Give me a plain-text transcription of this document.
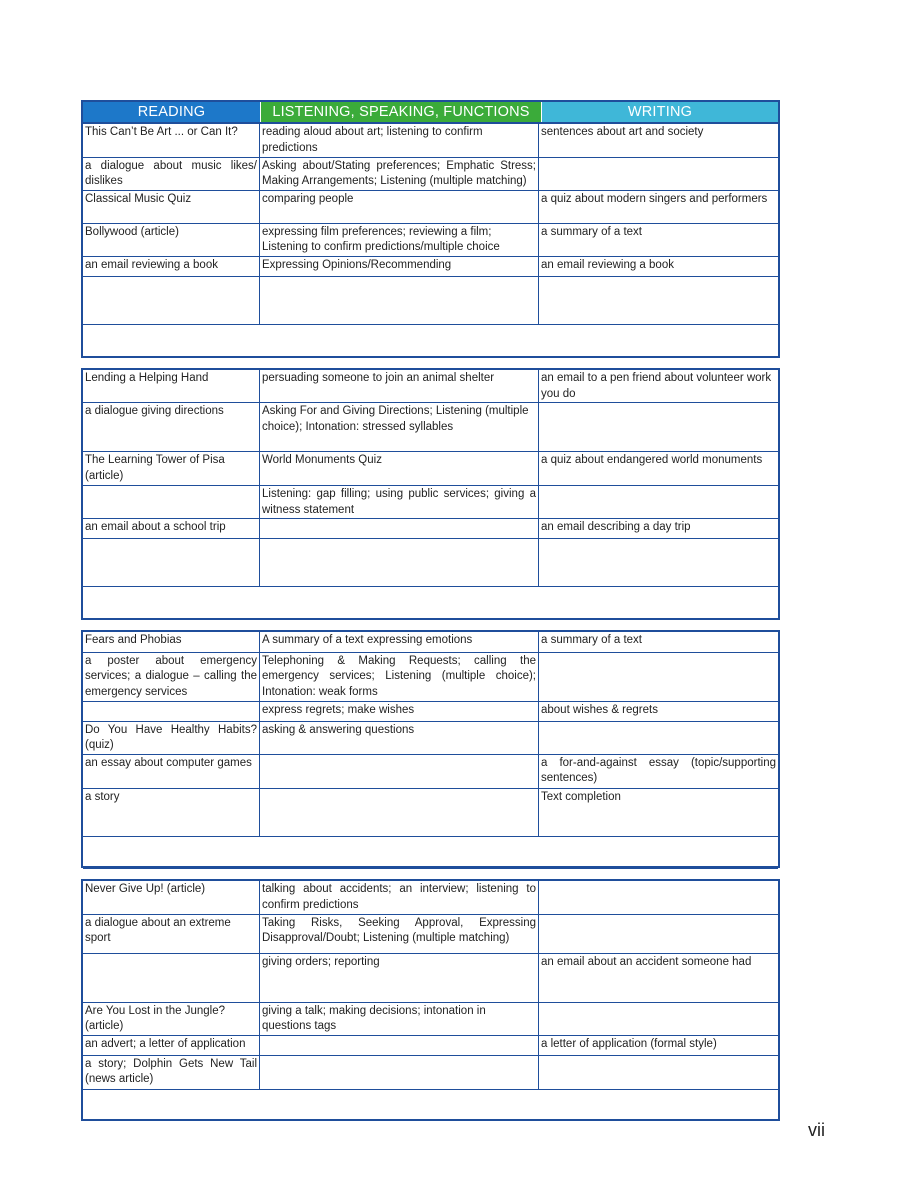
READING	LISTENING, SPEAKING, FUNCTIONS	WRITING
This Can’t Be Art ... or Can It?	reading aloud about art; listening to confirm predictions	sentences about art and society
a dialogue about music likes/ dislikes	Asking about/Stating preferences; Emphatic Stress; Making Arrangements; Listening (multiple matching)	
Classical Music Quiz	comparing people	a quiz about modern singers and performers
Bollywood (article)	expressing film preferences; reviewing a film; Listening to confirm predictions/multiple choice	a summary of a text
an email reviewing a book	Expressing Opinions/Recommending	an email reviewing a book

Lending a Helping Hand	persuading someone to join an animal shelter	an email to a pen friend about volunteer work you do
a dialogue giving directions	Asking For and Giving Directions; Listening (multiple choice); Intonation: stressed syllables	
The Learning Tower of Pisa (article)	World Monuments Quiz	a quiz about endangered world monuments
	Listening: gap filling; using public services; giving a witness statement	
an email about a school trip		an email describing a day trip

Fears and Phobias	A summary of a text expressing emotions	a summary of a text
a poster about emergency services; a dialogue – calling the emergency services	Telephoning & Making Requests; calling the emergency services; Listening (multiple choice); Intonation: weak forms	
	express regrets; make wishes	about wishes & regrets
Do You Have Healthy Habits? (quiz)	asking & answering questions	
an essay about computer games		a for-and-against essay (topic/supporting sentences)
a story		Text completion

Never Give Up! (article)	talking about accidents; an interview; listening to confirm predictions	
a dialogue about an extreme sport	Taking Risks, Seeking Approval, Expressing Disapproval/Doubt; Listening (multiple matching)	
	giving orders; reporting	an email about an accident someone had
Are You Lost in the Jungle? (article)	giving a talk; making decisions; intonation in questions tags	
an advert; a letter of application		a letter of application (formal style)
a story; Dolphin Gets New Tail (news article)		

vii
